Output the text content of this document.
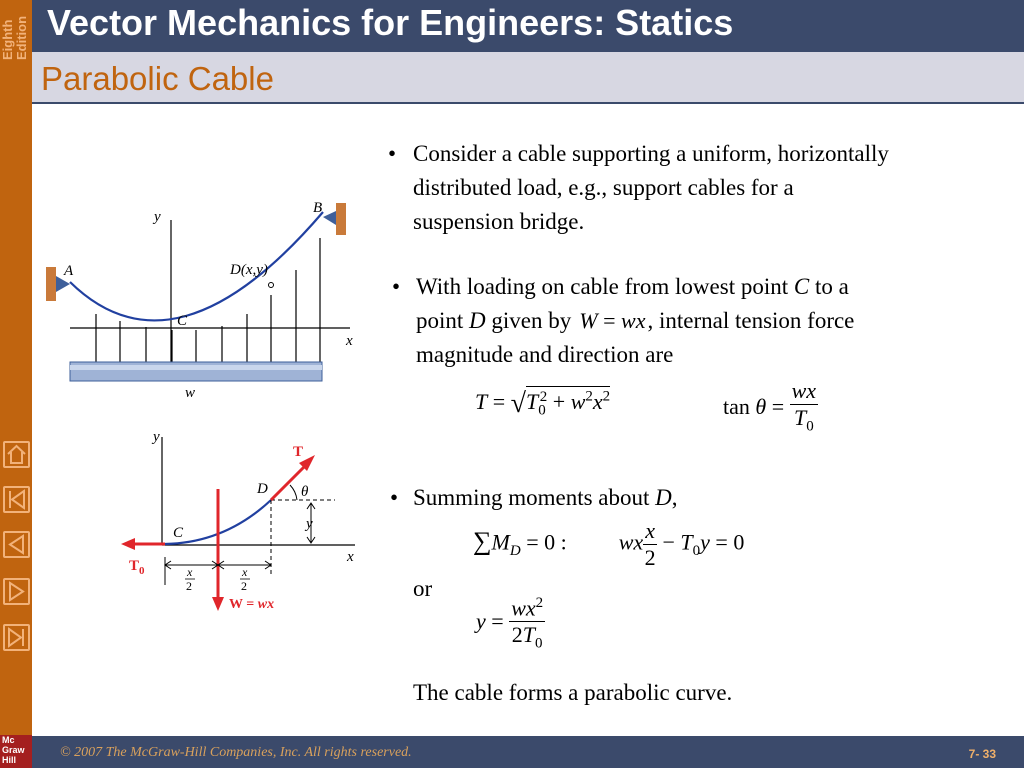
Eighth Edition
Mc
Graw
Hill
Vector Mechanics for Engineers: Statics
Parabolic Cable
y
x
A
B
C
D(x,y)
w
y
x
θ
y
T
$T_0$
W = wx
x
2
x
2
C
D
• Consider a cable supporting a uniform, horizontally
distributed load, e.g., support cables for a
suspension bridge.
• With loading on cable from lowest point C to a
point D given by W = wx, internal tension force
magnitude and direction are
$T = √T_0^2 + w^2x^2$	$\tan \theta = \frac{wx}{T_0}$
• Summing moments about D,
$\sum M_D = 0$ : wx $\frac{x}{2} - T_0y = 0$
or
$y = \frac{wx^2}{2T_0}$
The cable forms a parabolic curve.
© 2007 The McGraw-Hill Companies, Inc. All rights reserved.	7- 33
